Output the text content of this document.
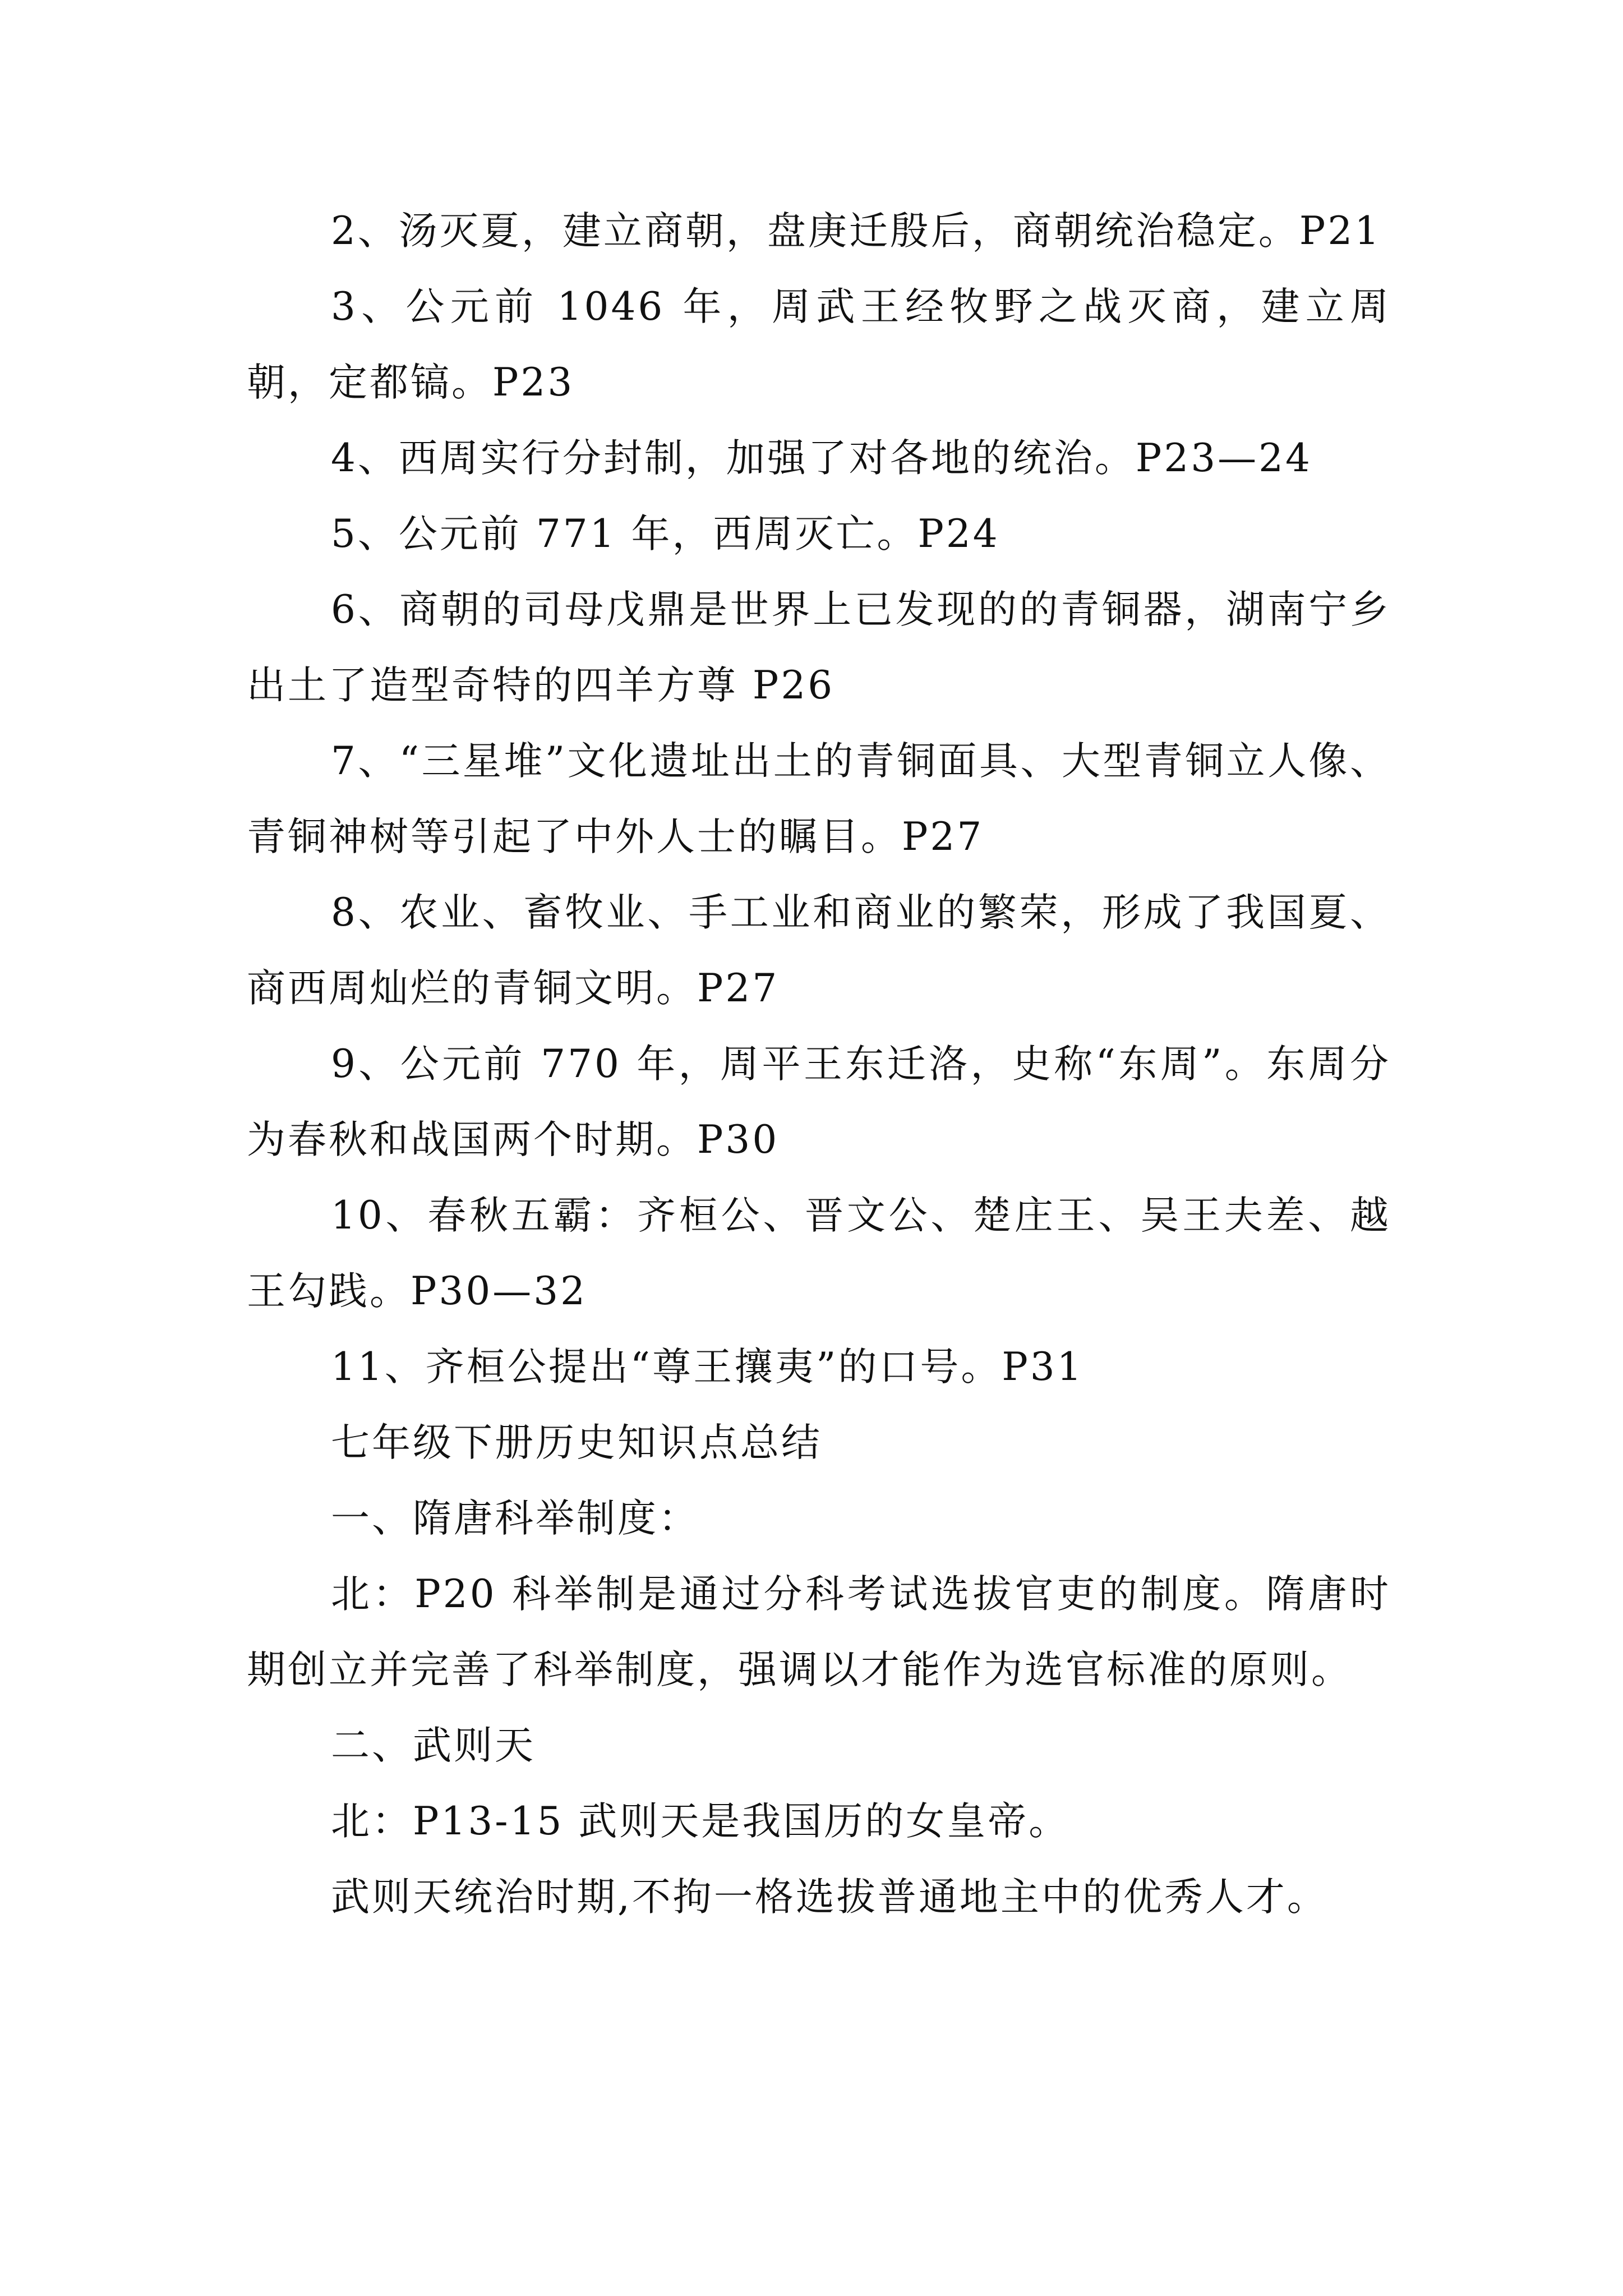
2、汤灭夏，建立商朝，盘庚迁殷后，商朝统治稳定。P21

3、公元前 1046 年，周武王经牧野之战灭商，建立周朝，定都镐。P23

4、西周实行分封制，加强了对各地的统治。P23—24

5、公元前 771 年，西周灭亡。P24

6、商朝的司母戊鼎是世界上已发现的的青铜器，湖南宁乡出土了造型奇特的四羊方尊 P26

7、“三星堆”文化遗址出土的青铜面具、大型青铜立人像、青铜神树等引起了中外人士的瞩目。P27

8、农业、畜牧业、手工业和商业的繁荣，形成了我国夏、商西周灿烂的青铜文明。P27

9、公元前 770 年，周平王东迁洛，史称“东周”。东周分为春秋和战国两个时期。P30

10、春秋五霸：齐桓公、晋文公、楚庄王、吴王夫差、越王勾践。P30—32

11、齐桓公提出“尊王攘夷”的口号。P31

七年级下册历史知识点总结

一、隋唐科举制度：

北：P20 科举制是通过分科考试选拔官吏的制度。隋唐时期创立并完善了科举制度，强调以才能作为选官标准的原则。

二、武则天

北：P13-15 武则天是我国历的女皇帝。

武则天统治时期,不拘一格选拔普通地主中的优秀人才。
